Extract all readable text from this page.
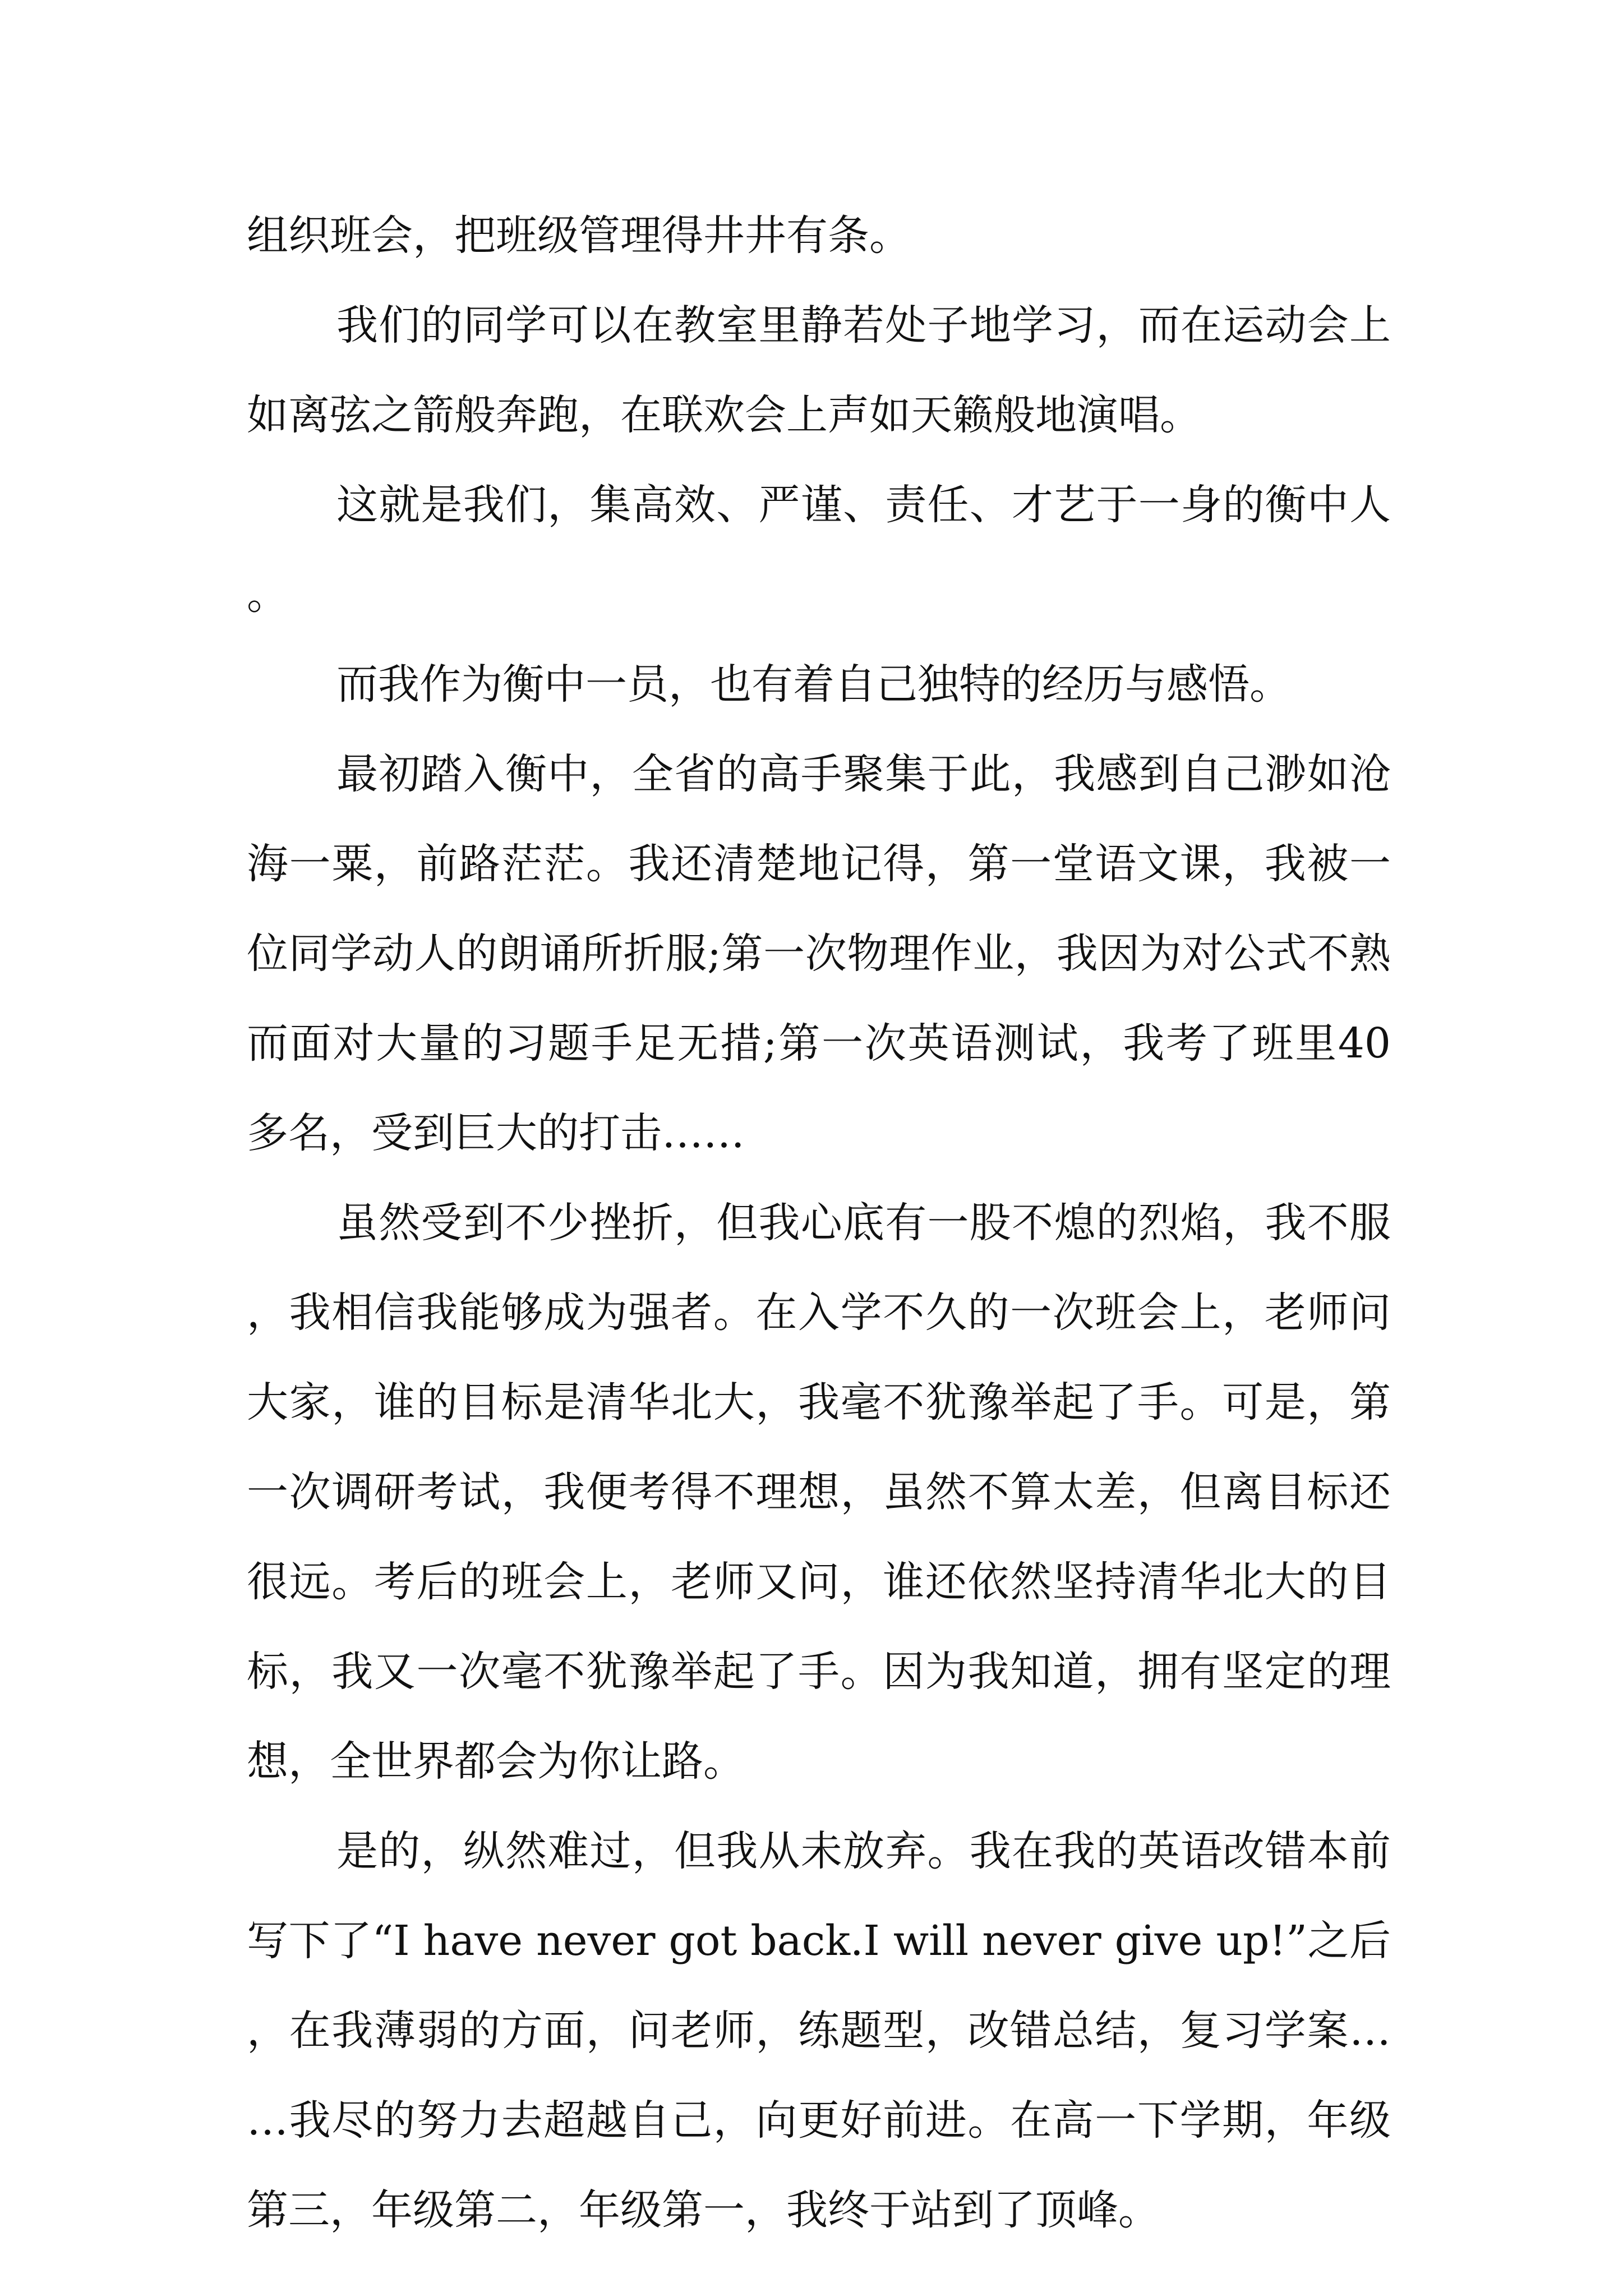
组织班会，把班级管理得井井有条。

我们的同学可以在教室里静若处子地学习，而在运动会上如离弦之箭般奔跑，在联欢会上声如天籁般地演唱。

这就是我们，集高效、严谨、责任、才艺于一身的衡中人。

而我作为衡中一员，也有着自己独特的经历与感悟。

最初踏入衡中，全省的高手聚集于此，我感到自己渺如沧海一粟，前路茫茫。我还清楚地记得，第一堂语文课，我被一位同学动人的朗诵所折服;第一次物理作业，我因为对公式不熟而面对大量的习题手足无措;第一次英语测试，我考了班里40多名，受到巨大的打击……

虽然受到不少挫折，但我心底有一股不熄的烈焰，我不服，我相信我能够成为强者。在入学不久的一次班会上，老师问大家，谁的目标是清华北大，我毫不犹豫举起了手。可是，第一次调研考试，我便考得不理想，虽然不算太差，但离目标还很远。考后的班会上，老师又问，谁还依然坚持清华北大的目标，我又一次毫不犹豫举起了手。因为我知道，拥有坚定的理想，全世界都会为你让路。

是的，纵然难过，但我从未放弃。我在我的英语改错本前写下了“I have never got back.I will never give up!”之后，在我薄弱的方面，问老师，练题型，改错总结，复习学案……我尽的努力去超越自己，向更好前进。在高一下学期，年级第三，年级第二，年级第一，我终于站到了顶峰。
